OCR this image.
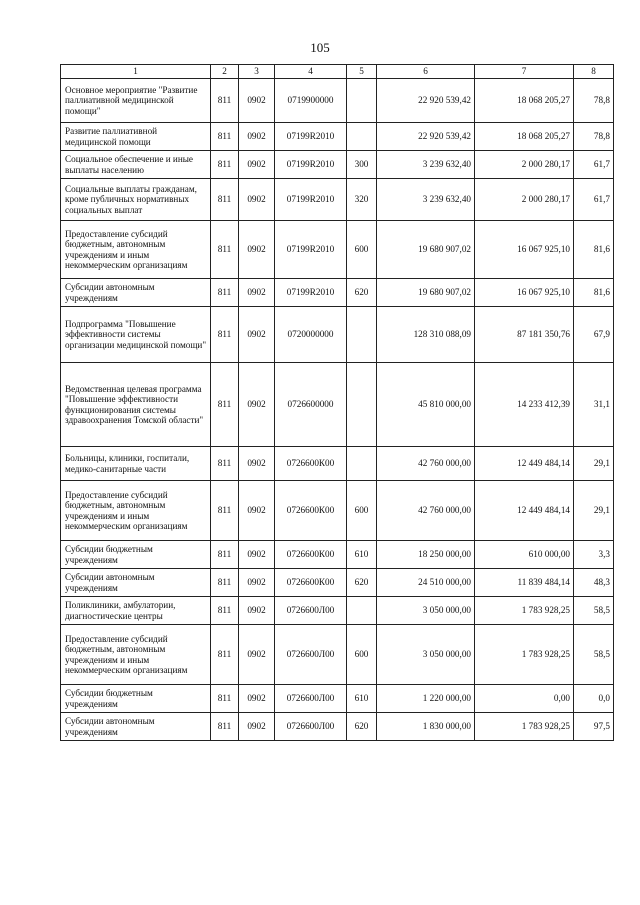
105
1	2	3	4	5	6	7	8
Основное мероприятие "Развитие паллиативной медицинской помощи"	811	0902	0719900000		22 920 539,42	18 068 205,27	78,8
Развитие паллиативной медицинской помощи	811	0902	07199R2010		22 920 539,42	18 068 205,27	78,8
Социальное обеспечение и иные выплаты населению	811	0902	07199R2010	300	3 239 632,40	2 000 280,17	61,7
Социальные выплаты гражданам, кроме публичных нормативных социальных выплат	811	0902	07199R2010	320	3 239 632,40	2 000 280,17	61,7
Предоставление субсидий бюджетным, автономным учреждениям и иным некоммерческим организациям	811	0902	07199R2010	600	19 680 907,02	16 067 925,10	81,6
Субсидии автономным учреждениям	811	0902	07199R2010	620	19 680 907,02	16 067 925,10	81,6
Подпрограмма "Повышение эффективности системы организации медицинской помощи"	811	0902	0720000000		128 310 088,09	87 181 350,76	67,9
Ведомственная целевая программа "Повышение эффективности функционирования системы здравоохранения Томской области"	811	0902	0726600000		45 810 000,00	14 233 412,39	31,1
Больницы, клиники, госпитали, медико-санитарные части	811	0902	0726600К00		42 760 000,00	12 449 484,14	29,1
Предоставление субсидий бюджетным, автономным учреждениям и иным некоммерческим организациям	811	0902	0726600К00	600	42 760 000,00	12 449 484,14	29,1
Субсидии бюджетным учреждениям	811	0902	0726600К00	610	18 250 000,00	610 000,00	3,3
Субсидии автономным учреждениям	811	0902	0726600К00	620	24 510 000,00	11 839 484,14	48,3
Поликлиники, амбулатории, диагностические центры	811	0902	0726600Л00		3 050 000,00	1 783 928,25	58,5
Предоставление субсидий бюджетным, автономным учреждениям и иным некоммерческим организациям	811	0902	0726600Л00	600	3 050 000,00	1 783 928,25	58,5
Субсидии бюджетным учреждениям	811	0902	0726600Л00	610	1 220 000,00	0,00	0,0
Субсидии автономным учреждениям	811	0902	0726600Л00	620	1 830 000,00	1 783 928,25	97,5
